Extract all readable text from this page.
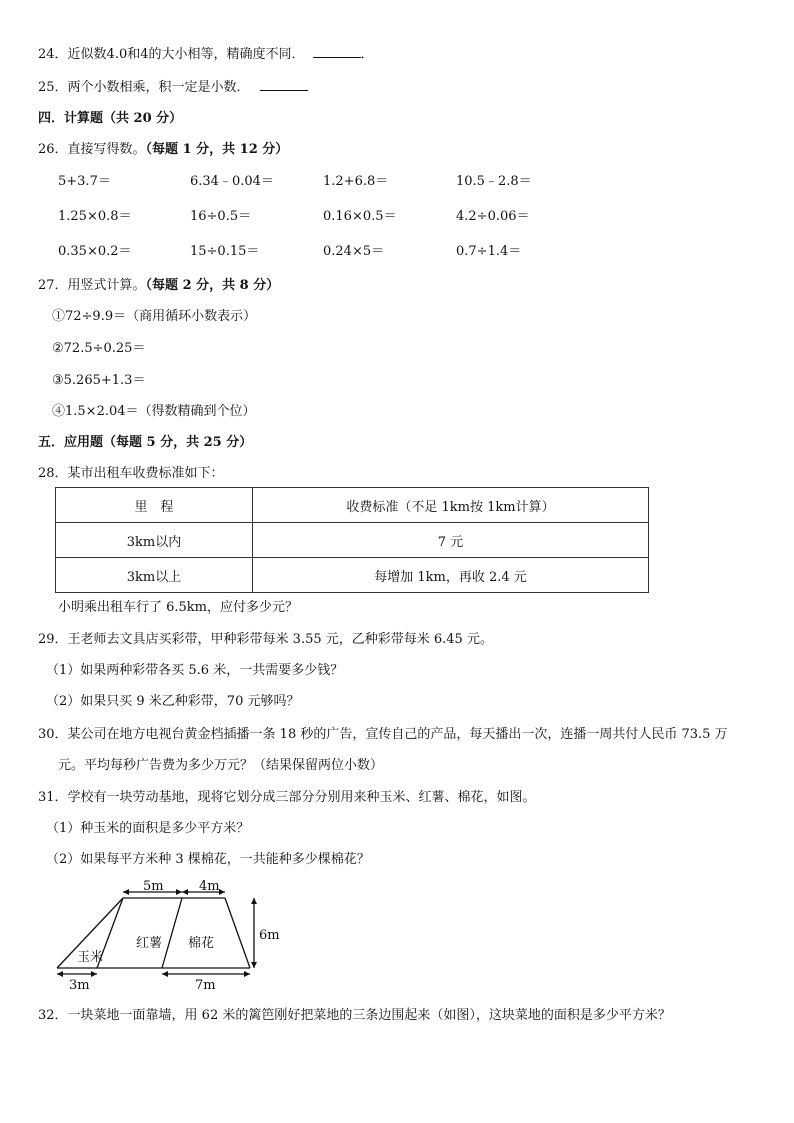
24．近似数4.0和4的大小相等，精确度不同．	．
25．两个小数相乘，积一定是小数．
四．计算题（共 20 分）
26．直接写得数。（每题 1 分，共 12 分）
5+3.7＝	6.34﹣0.04＝	1.2+6.8＝	10.5﹣2.8＝
1.25×0.8＝	16÷0.5＝	0.16×0.5＝	4.2÷0.06＝
0.35×0.2＝	15÷0.15＝	0.24×5＝	0.7÷1.4＝
27．用竖式计算。（每题 2 分，共 8 分）
①72÷9.9＝（商用循环小数表示）
②72.5÷0.25＝
③5.265+1.3＝
④1.5×2.04＝（得数精确到个位）
五．应用题（每题 5 分，共 25 分）
28．某市出租车收费标准如下：
里　程	收费标准（不足 1km按 1km计算）
3km以内	7 元
3km以上	每增加 1km，再收 2.4 元
小明乘出租车行了 6.5km，应付多少元？
29．王老师去文具店买彩带，甲种彩带每米 3.55 元，乙种彩带每米 6.45 元。
（1）如果两种彩带各买 5.6 米，一共需要多少钱？
（2）如果只买 9 米乙种彩带，70 元够吗？
30．某公司在地方电视台黄金档插播一条 18 秒的广告，宣传自己的产品，每天播出一次，连播一周共付人民币 73.5 万
元。平均每秒广告费为多少万元？（结果保留两位小数）
31．学校有一块劳动基地，现将它划分成三部分分别用来种玉米、红薯、棉花，如图。
（1）种玉米的面积是多少平方米？
（2）如果每平方米种 3 棵棉花，一共能种多少棵棉花？
5m	4m
6m
3m	7m
玉米
红薯 棉花
32．一块菜地一面靠墙，用 62 米的篱笆刚好把菜地的三条边围起来（如图），这块菜地的面积是多少平方米？
